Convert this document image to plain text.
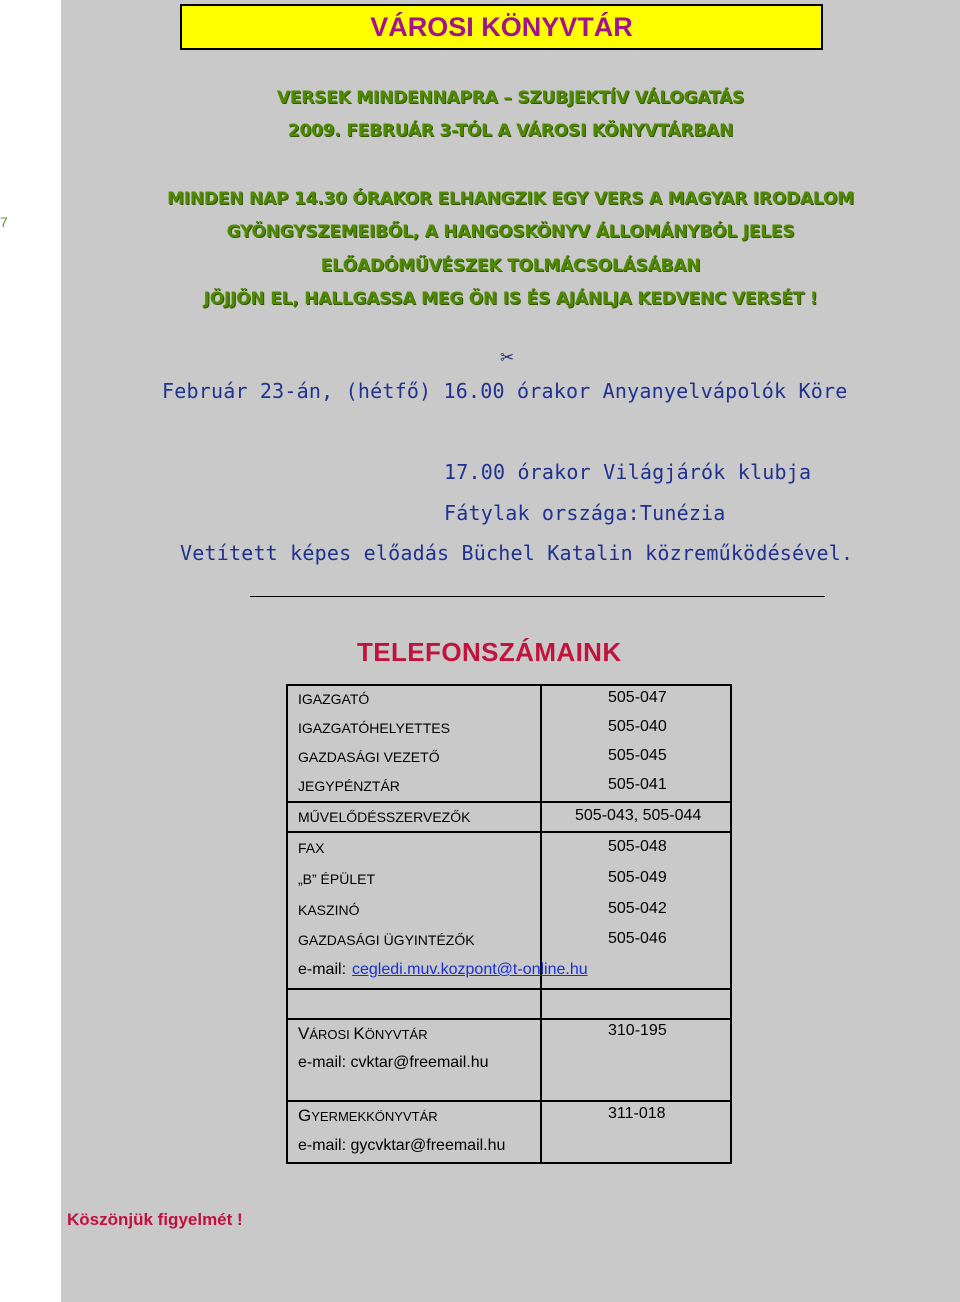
7
VÁROSI KÖNYVTÁR
VERSEK MINDENNAPRA – SZUBJEKTÍV VÁLOGATÁS
2009. FEBRUÁR 3-TÓL A VÁROSI KÖNYVTÁRBAN
MINDEN NAP 14.30 ÓRAKOR ELHANGZIK EGY VERS A MAGYAR IRODALOM
GYÖNGYSZEMEIBŐL, A HANGOSKÖNYV ÁLLOMÁNYBÓL JELES
ELŐADÓMŰVÉSZEK TOLMÁCSOLÁSÁBAN
JÖJJÖN EL, HALLGASSA MEG ÖN IS ÉS AJÁNLJA KEDVENC VERSÉT !
✂
Február 23-án, (hétfő) 16.00 órakor Anyanyelvápolók Köre
17.00 órakor Világjárók klubja
Fátylak országa:Tunézia
Vetített képes előadás Büchel Katalin közreműködésével.
TELEFONSZÁMAINK
IGAZGATÓ	505-047
IGAZGATÓHELYETTES	505-040
GAZDASÁGI VEZETŐ	505-045
JEGYPÉNZTÁR	505-041
MŰVELŐDÉSSZERVEZŐK	505-043, 505-044
FAX	505-048
„B” ÉPÜLET	505-049
KASZINÓ	505-042
GAZDASÁGI ÜGYINTÉZŐK	505-046
e-mail: cegledi.muv.kozpont@t-online.hu
VÁROSI KÖNYVTÁR	310-195
e-mail: cvktar@freemail.hu
GYERMEKKÖNYVTÁR	311-018
e-mail: gycvktar@freemail.hu
Köszönjük figyelmét !
